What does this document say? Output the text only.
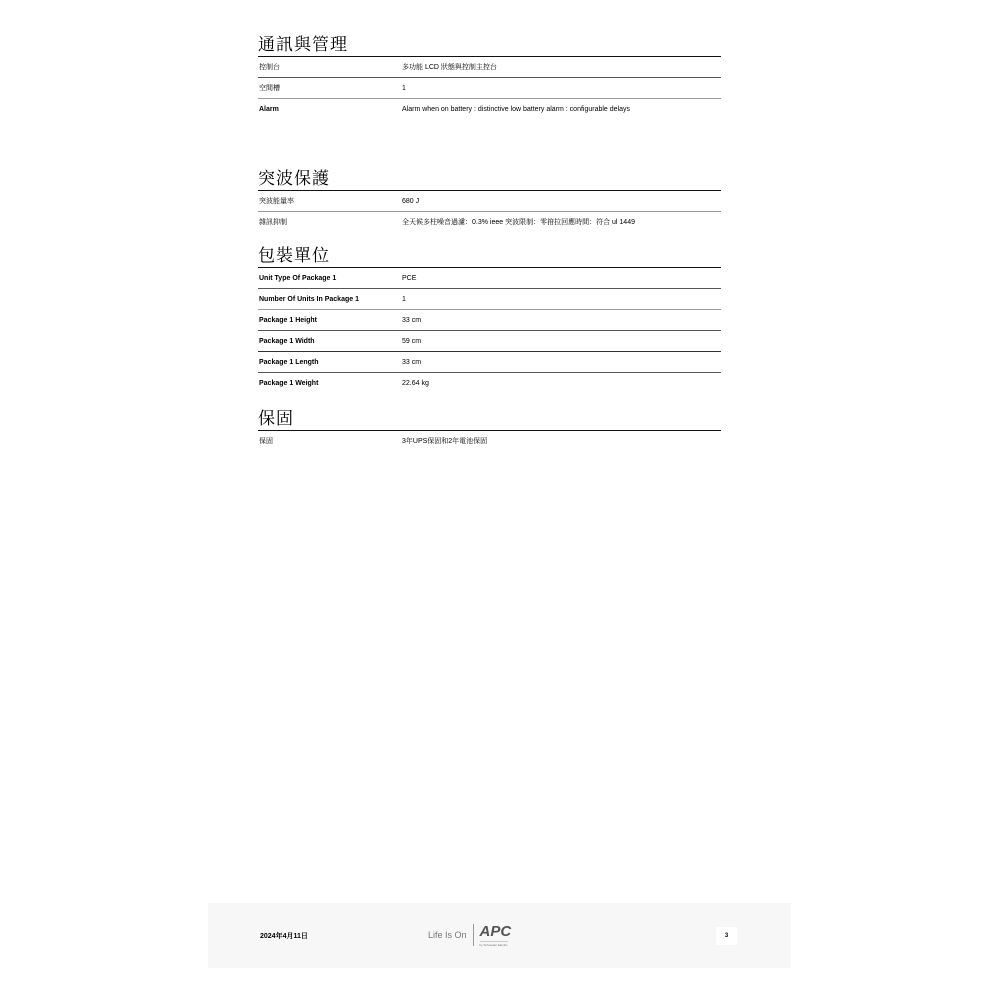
通訊與管理
控制台	多功能 LCD 狀態與控制主控台
空間槽	1
Alarm	Alarm when on battery : distinctive low battery alarm : configurable delays
突波保護
突波能量率	680 J
雜訊抑制	全天候多柱噪音過濾：0.3% ieee 突波限制：零箝拉回應時間：符合 ul 1449
包裝單位
Unit Type Of Package 1	PCE
Number Of Units In Package 1	1
Package 1 Height	33 cm
Package 1 Width	59 cm
Package 1 Length	33 cm
Package 1 Weight	22.64 kg
保固
保固	3年UPS保固和2年電池保固
2024年4月11日	Life Is On APC
by Schneider Electric
3
